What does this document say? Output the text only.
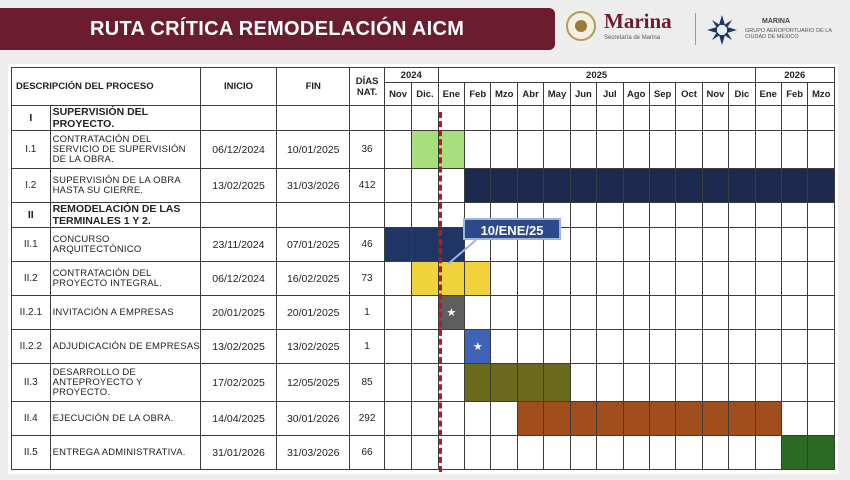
RUTA CRÍTICA REMODELACIÓN AICM	Marina
Secretaría de Marina
MARINA
GRUPO AEROPORTUARIO DE LA CIUDAD DE MÉXICO
DESCRIPCIÓN DEL PROCESO		INICIO	FIN	DÍAS NAT.	2024		2025												2026		
					Nov	Dic.	Ene	Feb	Mzo	Abr	May	Jun	Jul	Ago	Sep	Oct	Nov	Dic	Ene	Feb	Mzo
I	SUPERVISIÓN DEL PROYECTO.																				
I.1	CONTRATACIÓN DEL SERVICIO DE SUPERVISIÓN DE LA OBRA.	06/12/2024	10/01/2025	36																	
I.2	SUPERVISIÓN DE LA OBRA HASTA SU CIERRE.	13/02/2025	31/03/2026	412																	
II	REMODELACIÓN DE LAS TERMINALES 1 Y 2.																				
II.1	CONCURSO ARQUITECTÓNICO	23/11/2024	07/01/2025	46																	
II.2	CONTRATACIÓN DEL PROYECTO INTEGRAL.	06/12/2024	16/02/2025	73																	
II.2.1	INVITACIÓN A EMPRESAS	20/01/2025	20/01/2025	1			★														
II.2.2	ADJUDICACIÓN DE EMPRESAS	13/02/2025	13/02/2025	1				★													
II.3	DESARROLLO DE ANTEPROYECTO Y PROYECTO.	17/02/2025	12/05/2025	85																	
II.4	EJECUCIÓN DE LA OBRA.	14/04/2025	30/01/2026	292																	
II.5	ENTREGA ADMINISTRATIVA.	31/01/2026	31/03/2026	66																	
10/ENE/25
